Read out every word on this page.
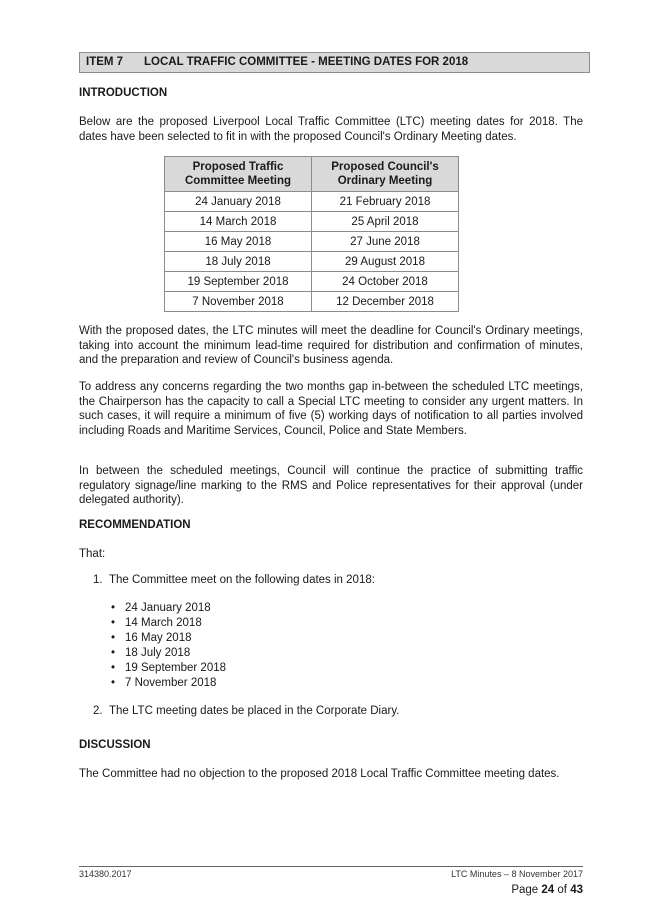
ITEM 7 LOCAL TRAFFIC COMMITTEE - MEETING DATES FOR 2018
INTRODUCTION
Below are the proposed Liverpool Local Traffic Committee (LTC) meeting dates for 2018. The dates have been selected to fit in with the proposed Council's Ordinary Meeting dates.
Proposed Traffic Committee Meeting	Proposed Council's Ordinary Meeting
24 January 2018	21 February 2018
14 March 2018	25 April 2018
16 May 2018	27 June 2018
18 July 2018	29 August 2018
19 September 2018	24 October 2018
7 November 2018	12 December 2018
With the proposed dates, the LTC minutes will meet the deadline for Council's Ordinary meetings, taking into account the minimum lead-time required for distribution and confirmation of minutes, and the preparation and review of Council's business agenda.
To address any concerns regarding the two months gap in-between the scheduled LTC meetings, the Chairperson has the capacity to call a Special LTC meeting to consider any urgent matters. In such cases, it will require a minimum of five (5) working days of notification to all parties involved including Roads and Maritime Services, Council, Police and State Members.
In between the scheduled meetings, Council will continue the practice of submitting traffic regulatory signage/line marking to the RMS and Police representatives for their approval (under delegated authority).
RECOMMENDATION
That:
1. The Committee meet on the following dates in 2018:
• 24 January 2018
• 14 March 2018
• 16 May 2018
• 18 July 2018
• 19 September 2018
• 7 November 2018
2. The LTC meeting dates be placed in the Corporate Diary.
DISCUSSION
The Committee had no objection to the proposed 2018 Local Traffic Committee meeting dates.
314380.2017	LTC Minutes – 8 November 2017
Page 24 of 43
